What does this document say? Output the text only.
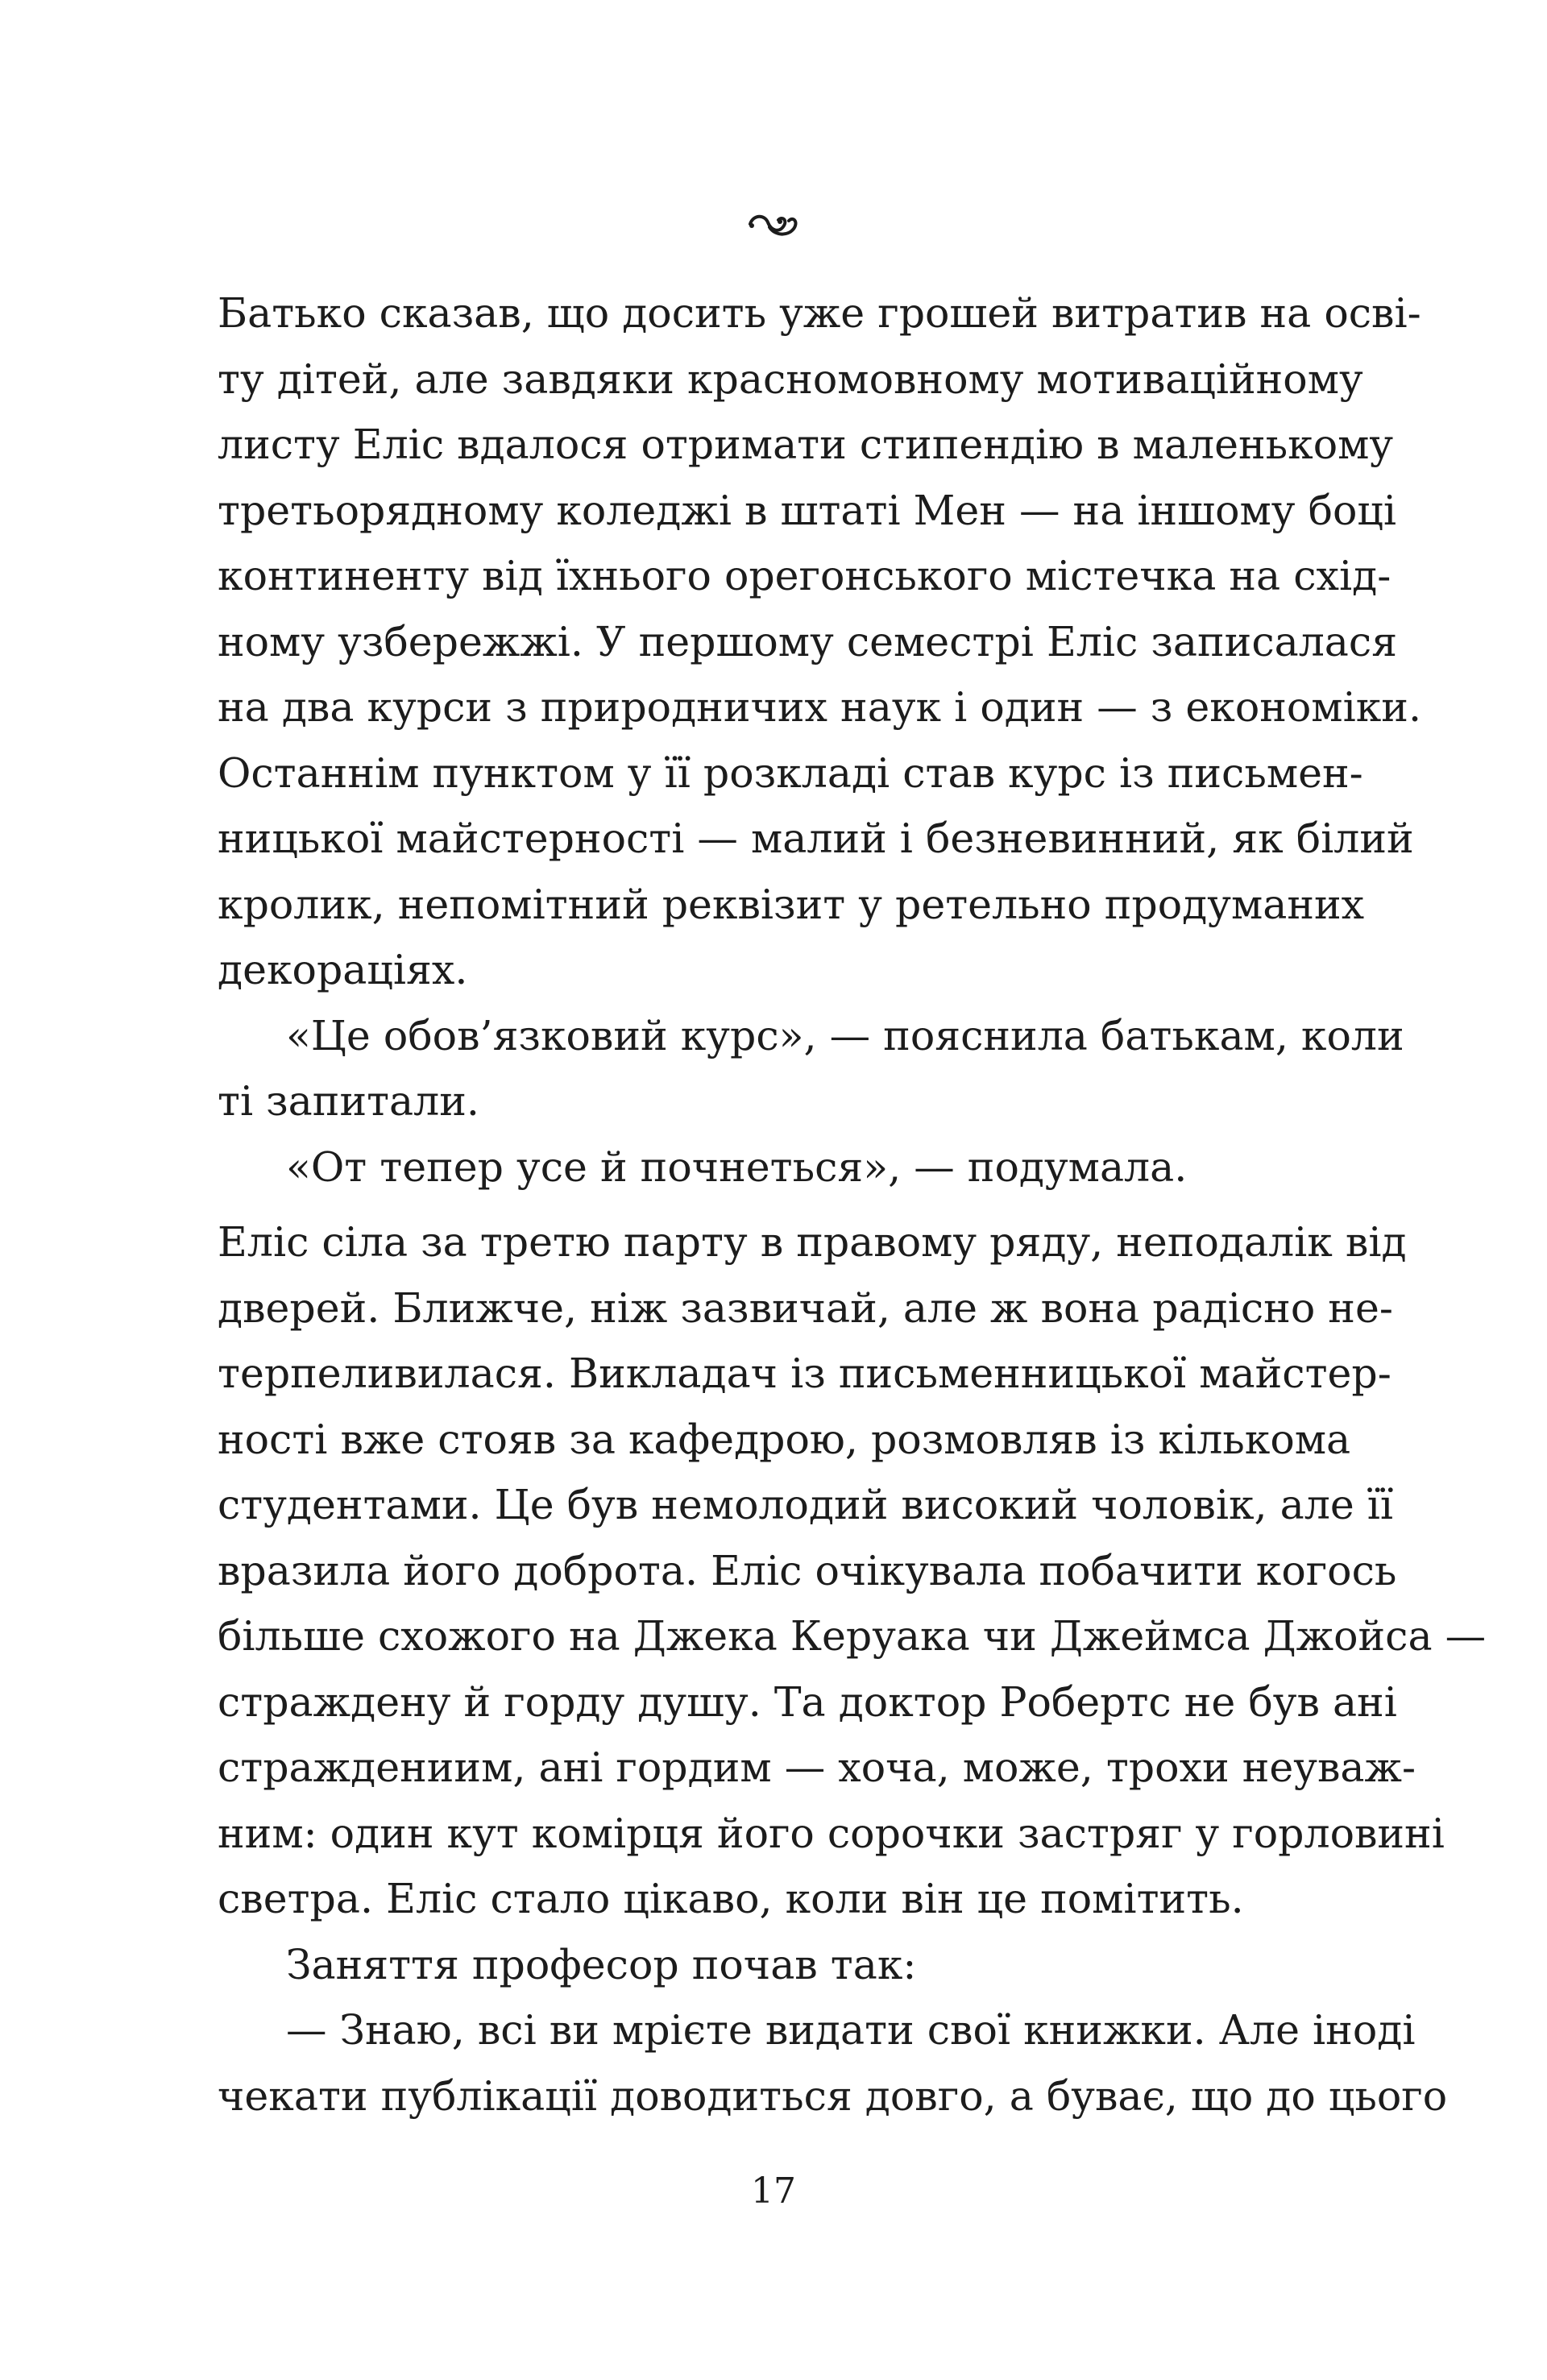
Батько сказав, що досить уже грошей витратив на осві-
ту дітей, але завдяки красномовному мотиваційному
листу Еліс вдалося отримати стипендію в маленькому
третьорядному коледжі в штаті Мен — на іншому боці
континенту від їхнього орегонського містечка на схід-
ному узбережжі. У першому семестрі Еліс записалася
на два курси з природничих наук і один — з економіки.
Останнім пунктом у її розкладі став курс із письмен-
ницької майстерності — малий і безневинний, як білий
кролик, непомітний реквізит у ретельно продуманих
декораціях.
«Це обов’язковий курс», — пояснила батькам, коли
ті запитали.
«От тепер усе й почнеться», — подумала.
Еліс сіла за третю парту в правому ряду, неподалік від
дверей. Ближче, ніж зазвичай, але ж вона радісно не-
терпеливилася. Викладач із письменницької майстер-
ності вже стояв за кафедрою, розмовляв із кількома
студентами. Це був немолодий високий чоловік, але її
вразила його доброта. Еліс очікувала побачити когось
більше схожого на Джека Керуака чи Джеймса Джойса —
страждену й горду душу. Та доктор Робертс не був ані
страждениим, ані гордим — хоча, може, трохи неуваж-
ним: один кут комірця його сорочки застряг у горловині
светра. Еліс стало цікаво, коли він це помітить.
Заняття професор почав так:
— Знаю, всі ви мрієте видати свої книжки. Але іноді
чекати публікації доводиться довго, а буває, що до цього
17
